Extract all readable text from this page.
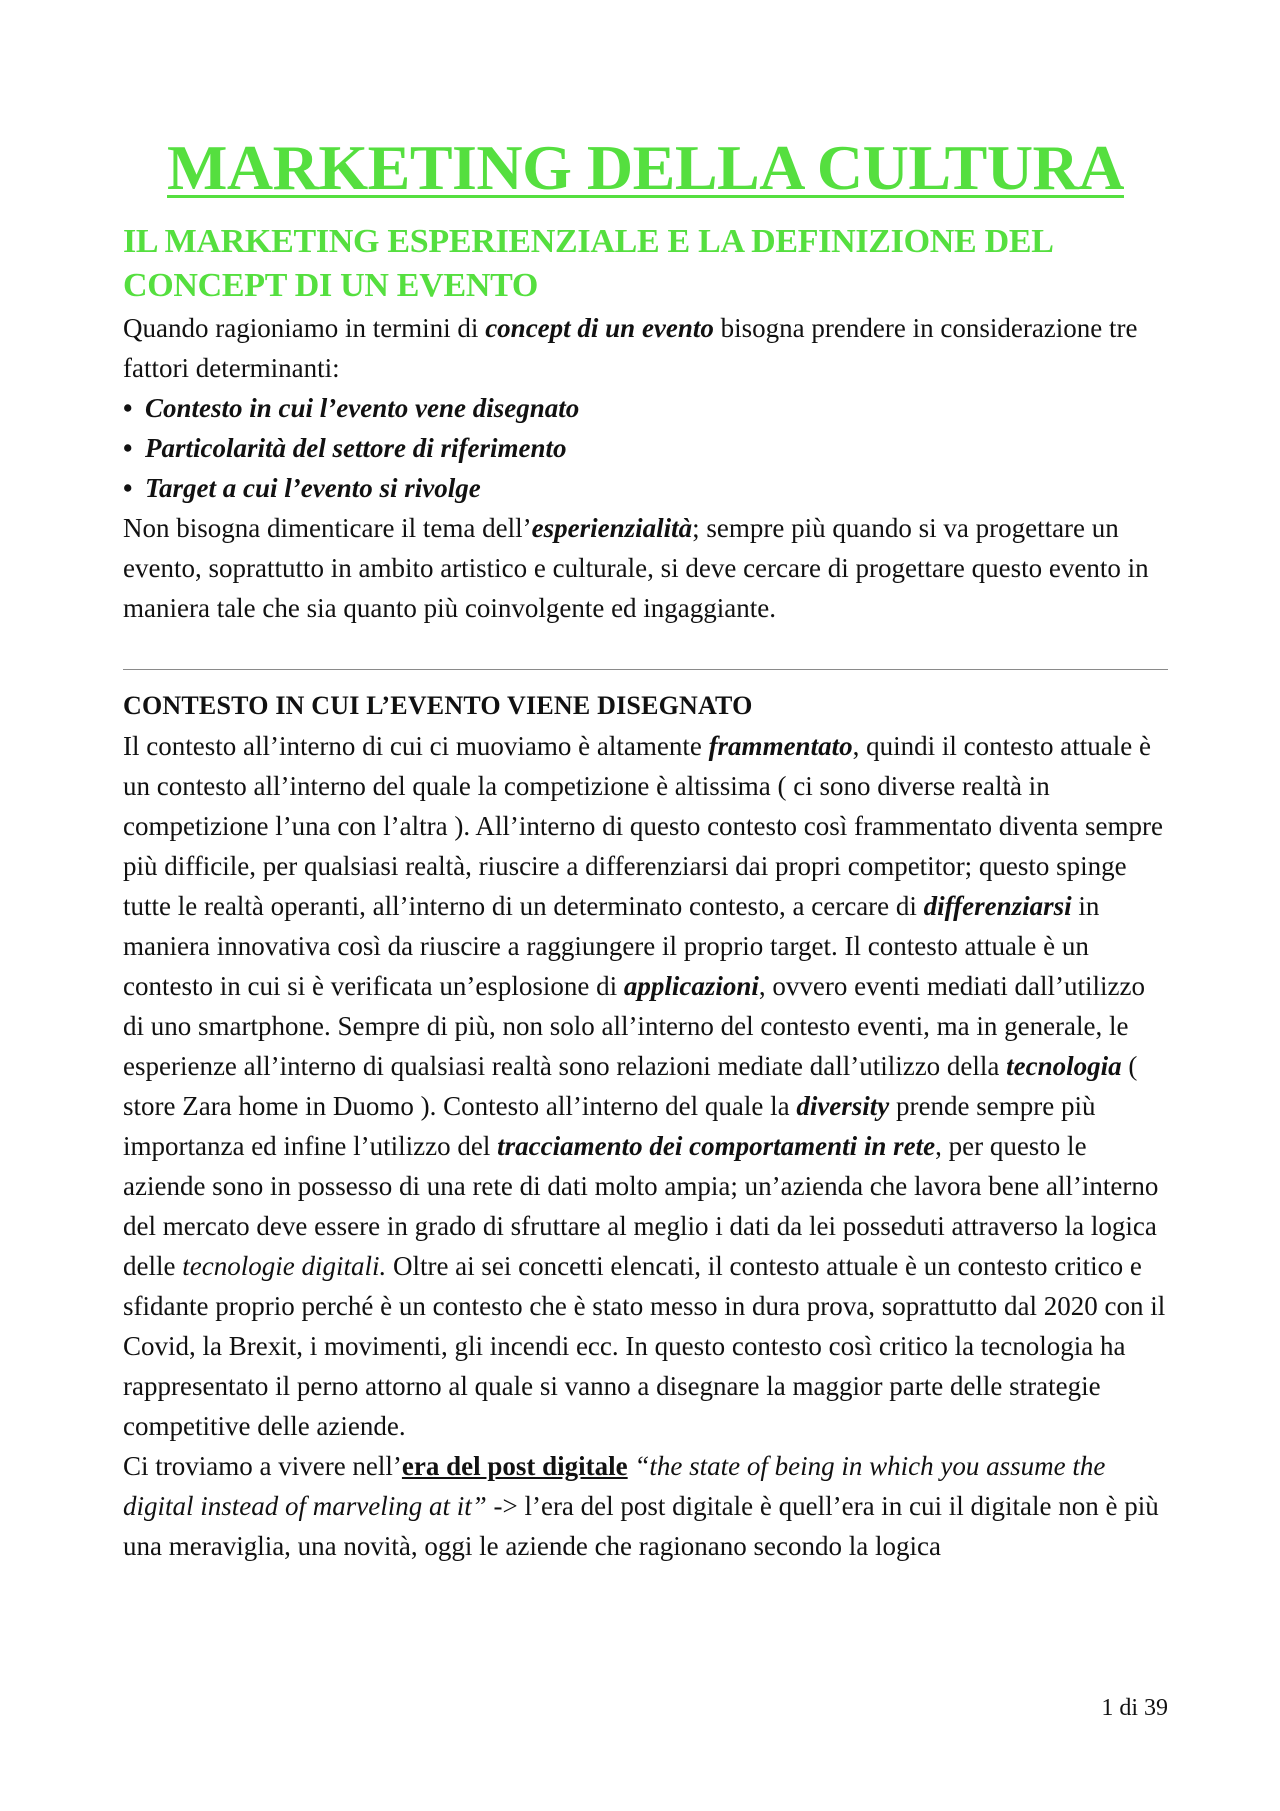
MARKETING DELLA CULTURA
IL MARKETING ESPERIENZIALE E LA DEFINIZIONE DEL CONCEPT DI UN EVENTO

Quando ragioniamo in termini di concept di un evento bisogna prendere in considerazione tre fattori determinanti:

• Contesto in cui l’evento vene disegnato
• Particolarità del settore di riferimento
• Target a cui l’evento si rivolge

Non bisogna dimenticare il tema dell’esperienzialità; sempre più quando si va progettare un evento, soprattutto in ambito artistico e culturale, si deve cercare di progettare questo evento in maniera tale che sia quanto più coinvolgente ed ingaggiante.

CONTESTO IN CUI L’EVENTO VIENE DISEGNATO

Il contesto all’interno di cui ci muoviamo è altamente frammentato, quindi il contesto attuale è un contesto all’interno del quale la competizione è altissima ( ci sono diverse realtà in competizione l’una con l’altra ). All’interno di questo contesto così frammentato diventa sempre più difficile, per qualsiasi realtà, riuscire a differenziarsi dai propri competitor; questo spinge tutte le realtà operanti, all’interno di un determinato contesto, a cercare di differenziarsi in maniera innovativa così da riuscire a raggiungere il proprio target. Il contesto attuale è un contesto in cui si è verificata un’esplosione di applicazioni, ovvero eventi mediati dall’utilizzo di uno smartphone. Sempre di più, non solo all’interno del contesto eventi, ma in generale, le esperienze all’interno di qualsiasi realtà sono relazioni mediate dall’utilizzo della tecnologia ( store Zara home in Duomo ). Contesto all’interno del quale la diversity prende sempre più importanza ed infine l’utilizzo del tracciamento dei comportamenti in rete, per questo le aziende sono in possesso di una rete di dati molto ampia; un’azienda che lavora bene all’interno del mercato deve essere in grado di sfruttare al meglio i dati da lei posseduti attraverso la logica delle tecnologie digitali. Oltre ai sei concetti elencati, il contesto attuale è un contesto critico e sfidante proprio perché è un contesto che è stato messo in dura prova, soprattutto dal 2020 con il Covid, la Brexit, i movimenti, gli incendi ecc. In questo contesto così critico la tecnologia ha rappresentato il perno attorno al quale si vanno a disegnare la maggior parte delle strategie competitive delle aziende.

Ci troviamo a vivere nell’era del post digitale “the state of being in which you assume the digital instead of marveling at it” -> l’era del post digitale è quell’era in cui il digitale non è più una meraviglia, una novità, oggi le aziende che ragionano secondo la logica

1 di 39
